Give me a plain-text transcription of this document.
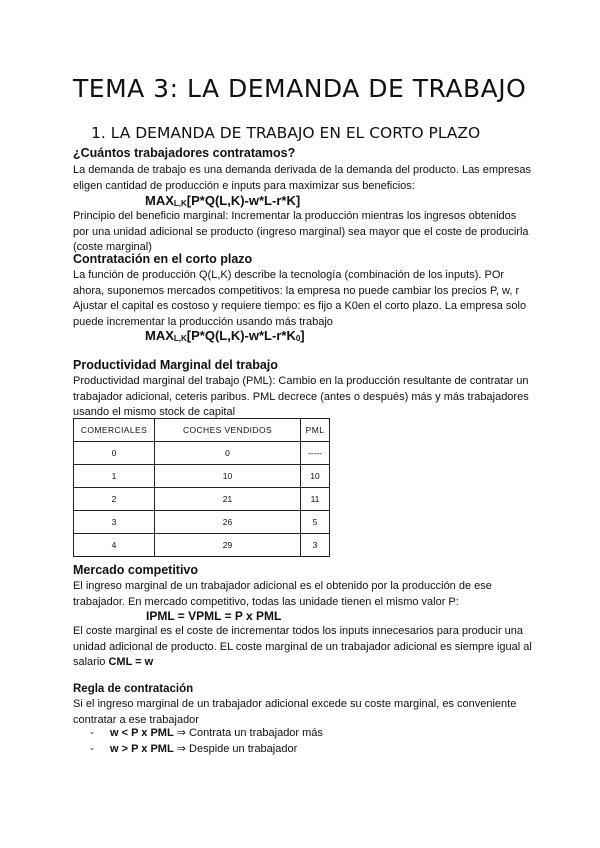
TEMA 3: LA DEMANDA DE TRABAJO
1. LA DEMANDA DE TRABAJO EN EL CORTO PLAZO
¿Cuántos trabajadores contratamos?
La demanda de trabajo es una demanda derivada de la demanda del producto. Las empresas eligen cantidad de producción e inputs para maximizar sus beneficios:
$MAX_{L,K}[P*Q(L,K)-w*L-r*K]$
Principio del beneficio marginal: Incrementar la producción mientras los ingresos obtenidos por una unidad adicional se producto (ingreso marginal) sea mayor que el coste de producirla (coste marginal)
Contratación en el corto plazo
La función de producción Q(L,K) describe la tecnología (combinación de los inputs). POr ahora, suponemos mercados competitivos: la empresa no puede cambiar los precios P, w, r Ajustar el capital es costoso y requiere tiempo: es fijo a K0en el corto plazo. La empresa solo puede incrementar la producción usando más trabajo
$MAX_{L,K}[P*Q(L,K)-w*L-r*K_0]$
Productividad Marginal del trabajo
Productividad marginal del trabajo (PML): Cambio en la producción resultante de contratar un trabajador adicional, ceteris paribus. PML decrece (antes o después) más y más trabajadores usando el mismo stock de capital
COMERCIALES	COCHES VENDIDOS	PML
0	0	-----
1	10	10
2	21	11
3	26	5
4	29	3
Mercado competitivo
El ingreso marginal de un trabajador adicional es el obtenido por la producción de ese trabajador. En mercado competitivo, todas las unidade tienen el mismo valor P:
IPML = VPML = P x PML
El coste marginal es el coste de incrementar todos los inputs innecesarios para producir una unidad adicional de producto. EL coste marginal de un trabajador adicional es siempre igual al salario CML = w
Regla de contratación
Si el ingreso marginal de un trabajador adicional excede su coste marginal, es conveniente contratar a ese trabajador
- w < P x PML ⇒ Contrata un trabajador más
- w > P x PML ⇒ Despide un trabajador
